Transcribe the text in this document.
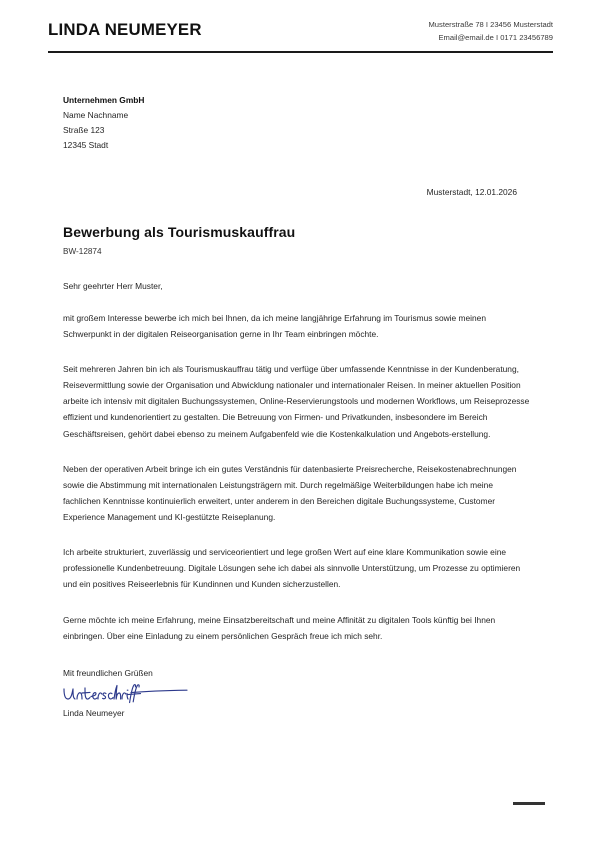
LINDA NEUMEYER	Musterstraße 78 I 23456 Musterstadt
Email@email.de I 0171 23456789
Unternehmen GmbH
Name Nachname
Straße 123
12345 Stadt
Musterstadt, 12.01.2026
Bewerbung als Tourismuskauffrau
BW-12874
Sehr geehrter Herr Muster,

mit großem Interesse bewerbe ich mich bei Ihnen, da ich meine langjährige Erfahrung im Tourismus sowie meinen Schwerpunkt in der digitalen Reiseorganisation gerne in Ihr Team einbringen möchte.

Seit mehreren Jahren bin ich als Tourismuskauffrau tätig und verfüge über umfassende Kenntnisse in der Kundenberatung, Reisevermittlung sowie der Organisation und Abwicklung nationaler und internationaler Reisen. In meiner aktuellen Position arbeite ich intensiv mit digitalen Buchungssystemen, Online-Reservierungstools und modernen Workflows, um Reiseprozesse effizient und kundenorientiert zu gestalten. Die Betreuung von Firmen- und Privatkunden, insbesondere im Bereich Geschäftsreisen, gehört dabei ebenso zu meinem Aufgabenfeld wie die Kostenkalkulation und Angebots-erstellung.

Neben der operativen Arbeit bringe ich ein gutes Verständnis für datenbasierte Preisrecherche, Reisekostenabrechnungen sowie die Abstimmung mit internationalen Leistungsträgern mit. Durch regelmäßige Weiterbildungen habe ich meine fachlichen Kenntnisse kontinuierlich erweitert, unter anderem in den Bereichen digitale Buchungssysteme, Customer Experience Management und KI-gestützte Reiseplanung.

Ich arbeite strukturiert, zuverlässig und serviceorientiert und lege großen Wert auf eine klare Kommunikation sowie eine professionelle Kundenbetreuung. Digitale Lösungen sehe ich dabei als sinnvolle Unterstützung, um Prozesse zu optimieren und ein positives Reiseerlebnis für Kundinnen und Kunden sicherzustellen.

Gerne möchte ich meine Erfahrung, meine Einsatzbereitschaft und meine Affinität zu digitalen Tools künftig bei Ihnen einbringen. Über eine Einladung zu einem persönlichen Gespräch freue ich mich sehr.

Mit freundlichen Grüßen
Linda Neumeyer
